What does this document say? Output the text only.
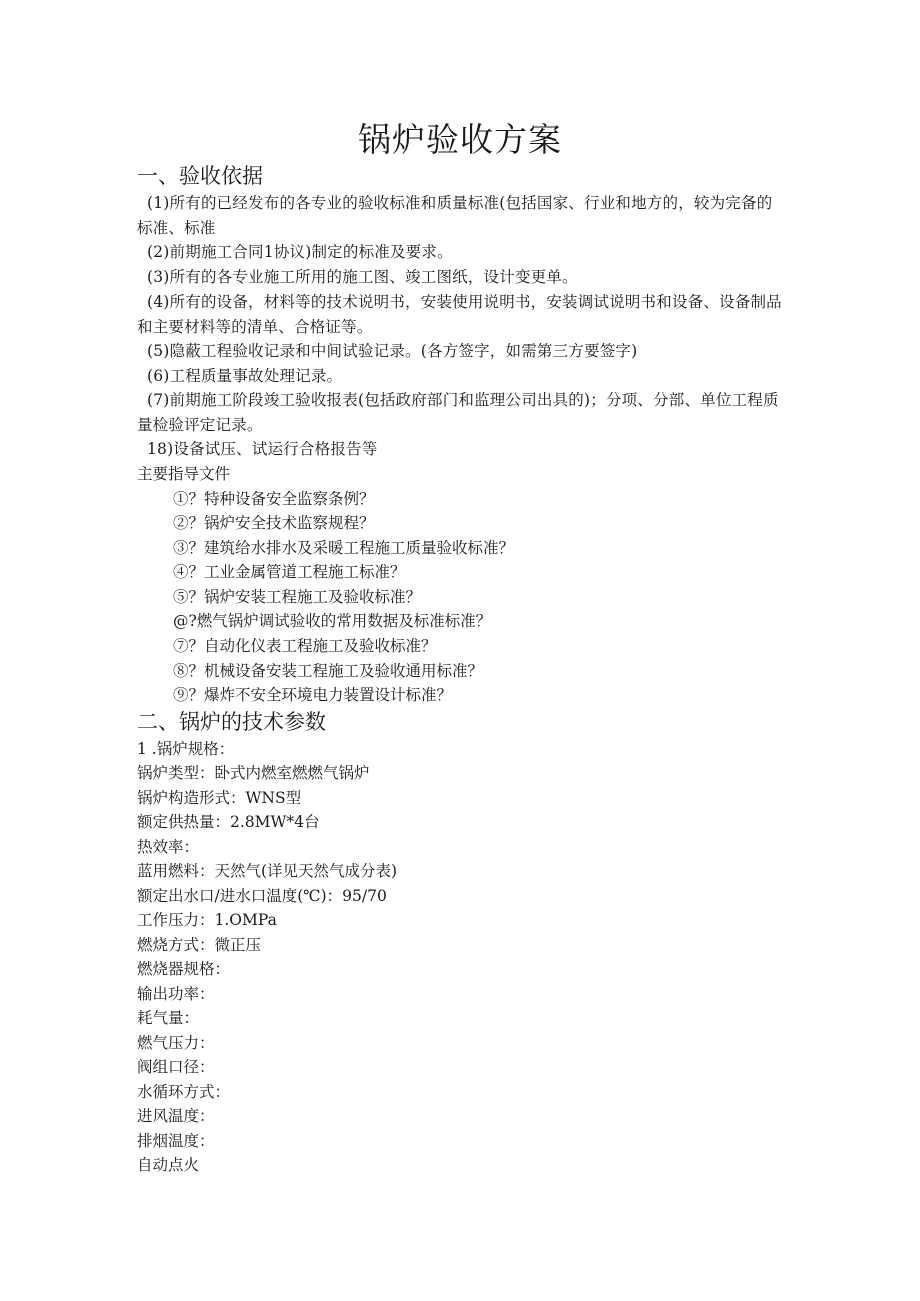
锅炉验收方案
一、验收依据
(1)所有的已经发布的各专业的验收标准和质量标准(包括国家、行业和地方的，较为完备的标准、标准
(2)前期施工合同1协议)制定的标准及要求。
(3)所有的各专业施工所用的施工图、竣工图纸，设计变更单。
(4)所有的设备，材料等的技术说明书，安装使用说明书，安装调试说明书和设备、设备制品和主要材料等的清单、合格证等。
(5)隐蔽工程验收记录和中间试验记录。(各方签字，如需第三方要签字)
(6)工程质量事故处理记录。
(7)前期施工阶段竣工验收报表(包括政府部门和监理公司出具的)；分项、分部、单位工程质量检验评定记录。
18)设备试压、试运行合格报告等
主要指导文件
①？特种设备安全监察条例？
②？锅炉安全技术监察规程？
③？建筑给水排水及采暖工程施工质量验收标准？
④？工业金属管道工程施工标准？
⑤？锅炉安装工程施工及验收标准？
@?燃气锅炉调试验收的常用数据及标准标准？
⑦？自动化仪表工程施工及验收标准？
⑧？机械设备安装工程施工及验收通用标准？
⑨？爆炸不安全环境电力装置设计标准？
二、锅炉的技术参数
1 .锅炉规格：
锅炉类型：卧式内燃室燃燃气锅炉
锅炉构造形式：WNS型
额定供热量：2.8MW*4台
热效率：
蓝用燃料：天然气(详见天然气成分表)
额定出水口/进水口温度(℃)：95/70
工作压力：1.OMPa
燃烧方式：微正压
燃烧器规格：
输出功率：
耗气量：
燃气压力：
阀组口径：
水循环方式：
进风温度：
排烟温度：
自动点火
